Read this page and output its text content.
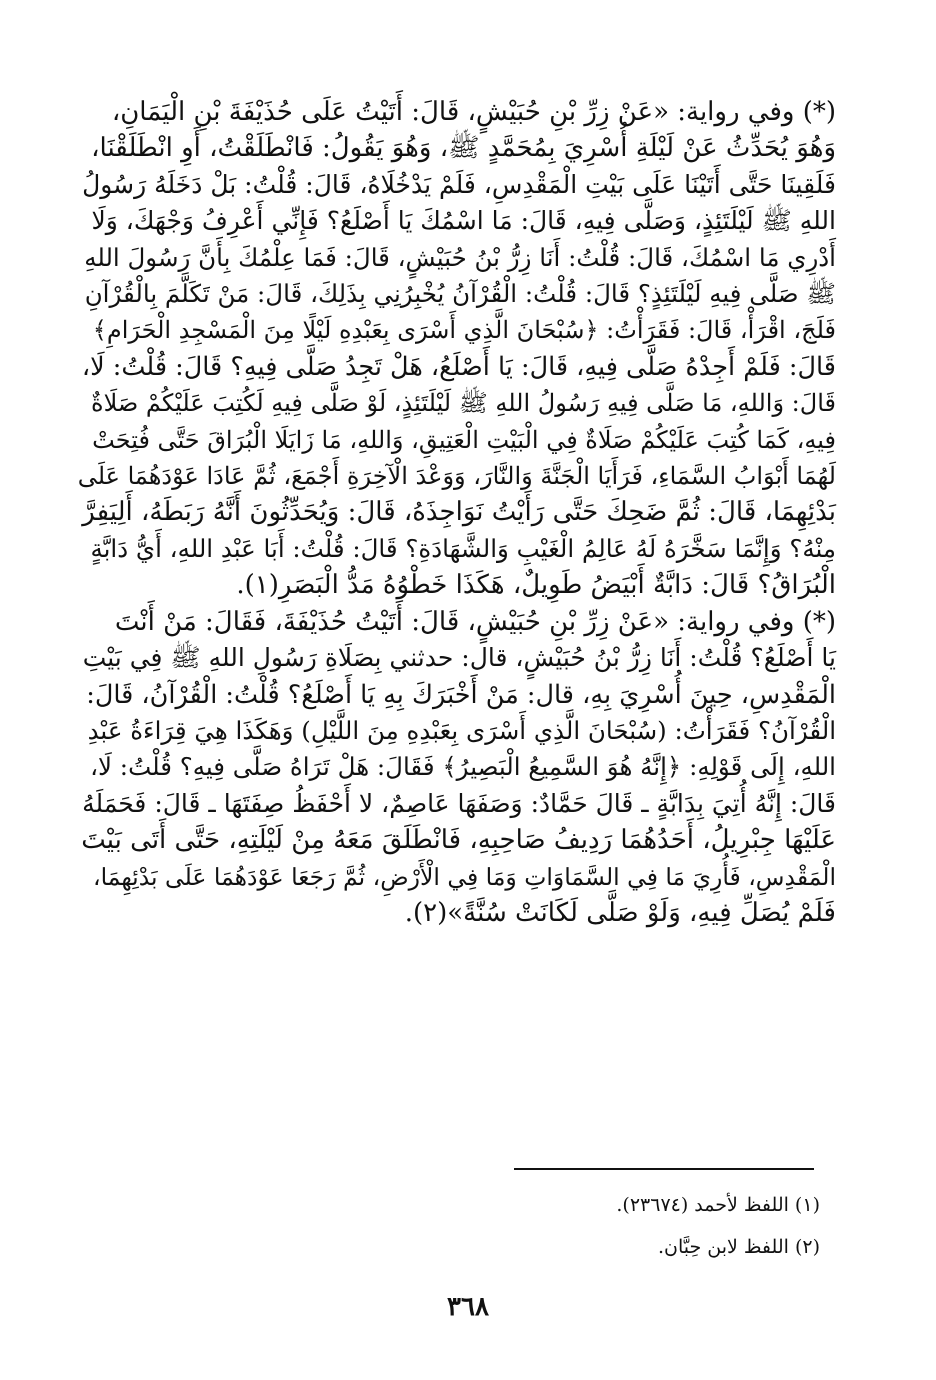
(*) وفي رواية: «عَنْ زِرِّ بْنِ حُبَيْشٍ، قَالَ: أَتَيْتُ عَلَى حُذَيْفَةَ بْنِ الْيَمَانِ،
وَهُوَ يُحَدِّثُ عَنْ لَيْلَةِ أُسْرِيَ بِمُحَمَّدٍ ﷺ، وَهُوَ يَقُولُ: فَانْطَلَقْتُ، أَوِ انْطَلَقْنَا،
فَلَقِينَا حَتَّى أَتَيْنَا عَلَى بَيْتِ الْمَقْدِسِ، فَلَمْ يَدْخُلَاهُ، قَالَ: قُلْتُ: بَلْ دَخَلَهُ رَسُولُ
اللهِ ﷺ لَيْلَتَئِذٍ، وَصَلَّى فِيهِ، قَالَ: مَا اسْمُكَ يَا أَصْلَعُ؟ فَإِنِّي أَعْرِفُ وَجْهَكَ، وَلَا
أَدْرِي مَا اسْمُكَ، قَالَ: قُلْتُ: أَنَا زِرُّ بْنُ حُبَيْشٍ، قَالَ: فَمَا عِلْمُكَ بِأَنَّ رَسُولَ اللهِ
ﷺ صَلَّى فِيهِ لَيْلَتَئِذٍ؟ قَالَ: قُلْتُ: الْقُرْآنُ يُخْبِرُنِي بِذَلِكَ، قَالَ: مَنْ تَكَلَّمَ بِالْقُرْآنِ
فَلَجَ، اقْرَأْ، قَالَ: فَقَرَأْتُ: ﴿سُبْحَانَ الَّذِي أَسْرَى بِعَبْدِهِ لَيْلًا مِنَ الْمَسْجِدِ الْحَرَامِ﴾
قَالَ: فَلَمْ أَجِدْهُ صَلَّى فِيهِ، قَالَ: يَا أَصْلَعُ، هَلْ تَجِدُ صَلَّى فِيهِ؟ قَالَ: قُلْتُ: لَا،
قَالَ: وَاللهِ، مَا صَلَّى فِيهِ رَسُولُ اللهِ ﷺ لَيْلَتَئِذٍ، لَوْ صَلَّى فِيهِ لَكُتِبَ عَلَيْكُمْ صَلَاةٌ
فِيهِ، كَمَا كُتِبَ عَلَيْكُمْ صَلَاةٌ فِي الْبَيْتِ الْعَتِيقِ، وَاللهِ، مَا زَايَلَا الْبُرَاقَ حَتَّى فُتِحَتْ
لَهُمَا أَبْوَابُ السَّمَاءِ، فَرَأَيَا الْجَنَّةَ وَالنَّارَ، وَوَعْدَ الْآخِرَةِ أَجْمَعَ، ثُمَّ عَادَا عَوْدَهُمَا عَلَى
بَدْئِهِمَا، قَالَ: ثُمَّ ضَحِكَ حَتَّى رَأَيْتُ نَوَاجِذَهُ، قَالَ: وَيُحَدِّثُونَ أَنَّهُ رَبَطَهُ، أَلِيَفِرَّ
مِنْهُ؟ وَإِنَّمَا سَخَّرَهُ لَهُ عَالِمُ الْغَيْبِ وَالشَّهَادَةِ؟ قَالَ: قُلْتُ: أَبَا عَبْدِ اللهِ، أَيُّ دَابَّةٍ
الْبُرَاقُ؟ قَالَ: دَابَّةٌ أَبْيَضُ طَوِيلٌ، هَكَذَا خَطْوُهُ مَدُّ الْبَصَرِ(١).

(*) وفي رواية: «عَنْ زِرِّ بْنِ حُبَيْشٍ، قَالَ: أَتَيْتُ حُذَيْفَةَ، فَقَالَ: مَنْ أَنْتَ
يَا أَصْلَعُ؟ قُلْتُ: أَنَا زِرُّ بْنُ حُبَيْشٍ، قال: حدثني بِصَلَاةِ رَسُولِ اللهِ ﷺ فِي بَيْتِ
الْمَقْدِسِ، حِينَ أُسْرِيَ بِهِ، قال: مَنْ أَخْبَرَكَ بِهِ يَا أَصْلَعُ؟ قُلْتُ: الْقُرْآنُ، قَالَ:
الْقُرْآنُ؟ فَقَرَأْتُ: (سُبْحَانَ الَّذِي أَسْرَى بِعَبْدِهِ مِنَ اللَّيْلِ) وَهَكَذَا هِيَ قِرَاءَةُ عَبْدِ
اللهِ، إِلَى قَوْلِهِ: ﴿إِنَّهُ هُوَ السَّمِيعُ الْبَصِيرُ﴾ فَقَالَ: هَلْ تَرَاهُ صَلَّى فِيهِ؟ قُلْتُ: لَا،
قَالَ: إِنَّهُ أُتِيَ بِدَابَّةٍ ـ قَالَ حَمَّادٌ: وَصَفَهَا عَاصِمٌ، لا أَحْفَظُ صِفَتَهَا ـ قَالَ: فَحَمَلَهُ
عَلَيْهَا جِبْرِيلُ، أَحَدُهُمَا رَدِيفُ صَاحِبِهِ، فَانْطَلَقَ مَعَهُ مِنْ لَيْلَتِهِ، حَتَّى أَتَى بَيْتَ
الْمَقْدِسِ، فَأُرِيَ مَا فِي السَّمَاوَاتِ وَمَا فِي الْأَرْضِ، ثُمَّ رَجَعَا عَوْدَهُمَا عَلَى بَدْئِهِمَا،
فَلَمْ يُصَلِّ فِيهِ، وَلَوْ صَلَّى لَكَانَتْ سُنَّةً»(٢).

(١) اللفظ لأحمد (٢٣٦٧٤).
(٢) اللفظ لابن حِبَّان.
٣٦٨
